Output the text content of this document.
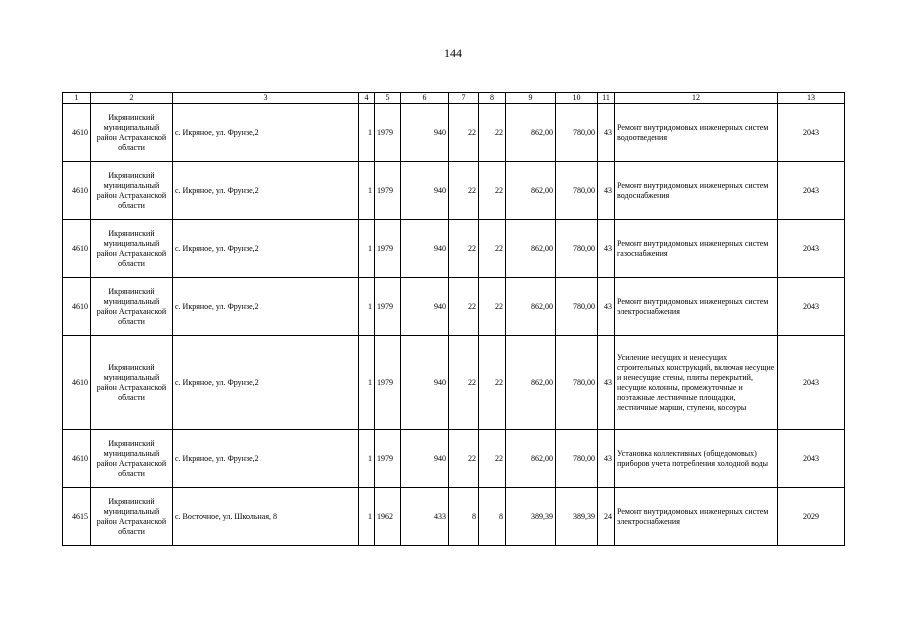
144
1	2	3	4	5	6	7	8	9	10	11	12	13
4610	Икрянинский муниципальный район Астраханской области	с. Икряное, ул. Фрунзе,2	1	1979	940	22	22	862,00	780,00	43	Ремонт внутридомовых инженерных систем водоотведения	2043
4610	Икрянинский муниципальный район Астраханской области	с. Икряное, ул. Фрунзе,2	1	1979	940	22	22	862,00	780,00	43	Ремонт внутридомовых инженерных систем водоснабжения	2043
4610	Икрянинский муниципальный район Астраханской области	с. Икряное, ул. Фрунзе,2	1	1979	940	22	22	862,00	780,00	43	Ремонт внутридомовых инженерных систем газоснабжения	2043
4610	Икрянинский муниципальный район Астраханской области	с. Икряное, ул. Фрунзе,2	1	1979	940	22	22	862,00	780,00	43	Ремонт внутридомовых инженерных систем электроснабжения	2043
4610	Икрянинский муниципальный район Астраханской области	с. Икряное, ул. Фрунзе,2	1	1979	940	22	22	862,00	780,00	43	Усиление несущих и ненесущих строительных конструкций, включая несущие и ненесущие стены, плиты перекрытий, несущие колонны, промежуточные и поэтажные лестничные площадки, лестничные марши, ступени, косоуры	2043
4610	Икрянинский муниципальный район Астраханской области	с. Икряное, ул. Фрунзе,2	1	1979	940	22	22	862,00	780,00	43	Установка коллективных (общедомовых) приборов учета потребления холодной воды	2043
4615	Икрянинский муниципальный район Астраханской области	с. Восточное, ул. Школьная, 8	1	1962	433	8	8	389,39	389,39	24	Ремонт внутридомовых инженерных систем электроснабжения	2029
